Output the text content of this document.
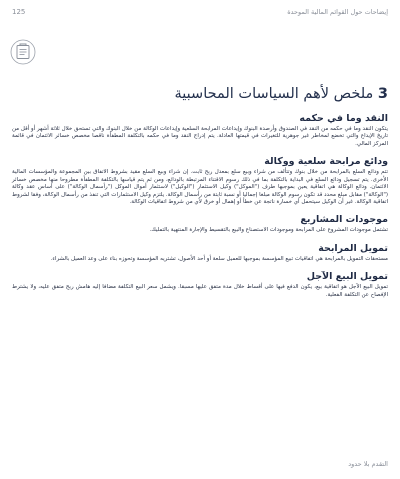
125	إيضاحات حول القوائم المالية الموحدة
3 ملخص لأهم السياسات المحاسبية
النقد وما في حكمه

يتكون النقد وما في حكمه من النقد في الصندوق وأرصدة البنوك وإيداعات المرابحة السلعية وإيداعات الوكالة من خلال البنوك والتي تستحق خلال ثلاثة أشهر أو أقل من تاريخ الإيداع والتي تخضع لمخاطر غير جوهرية للتغيرات في قيمتها العادلة. يتم إدراج النقد وما في حكمه بالتكلفة المطفأة ناقصا مخصص خسائر الائتمان في قائمة المركز المالي.

ودائع مرابحة سلعية ووكالة

تتم ودائع السلع بالمرابحة من خلال بنوك وتتألف من شراء وبيع سلع بمعدل ربح ثابت. إن شراء وبيع السلع مقيد بشروط الاتفاق بين المجموعة والمؤسسات المالية الأخرى. يتم تسجيل ودائع السلع في البداية بالتكلفة بما في ذلك رسوم الاقتناء المرتبطة بالودائع، ومن ثم يتم قياسها بالتكلفة المطفأة مطروحا منها مخصص خسائر الائتمان. ودائع الوكالة هي اتفاقية يعين بموجبها طرف ("الموكل") وكيل الاستثمار ("الوكيل") لاستثمار أموال الموكل ("رأسمال الوكالة") على أساس عقد وكالة ("الوكالة") مقابل مبلغ محدد قد تكون رسوم الوكالة مبلغا إجماليا أو نسبة ثابتة من رأسمال الوكالة. يلتزم وكيل الاستثمارات التي تنفذ من رأسمال الوكالة، وفقا لشروط اتفاقية الوكالة. غير أن الوكيل سيتحمل أي خسارة ناتجة عن خطأ أو إهمال أو خرق لأي من شروط اتفاقيات الوكالة.

موجودات المشاريع

تشتمل موجودات المشروع على المرابحة وموجودات الاستصناع والبيع بالتقسيط والإجارة المنتهية بالتمليك.

تمويل المرابحة

مستحقات التمويل بالمرابحة هي اتفاقيات تبيع المؤسسة بموجبها للعميل سلعة أو أحد الأصول، تشتريه المؤسسة وتحوزه بناء على وعد العميل بالشراء.

تمويل البيع الآجل

تمويل البيع الآجل هو اتفاقية بيع، يكون الدفع فيها على أقساط خلال مدة متفق عليها مسبقا. ويشمل سعر البيع التكلفة مضافا إليه هامش ربح متفق عليه، ولا يشترط الإفصاح عن التكلفة الفعلية.

التقدم بلا حدود
